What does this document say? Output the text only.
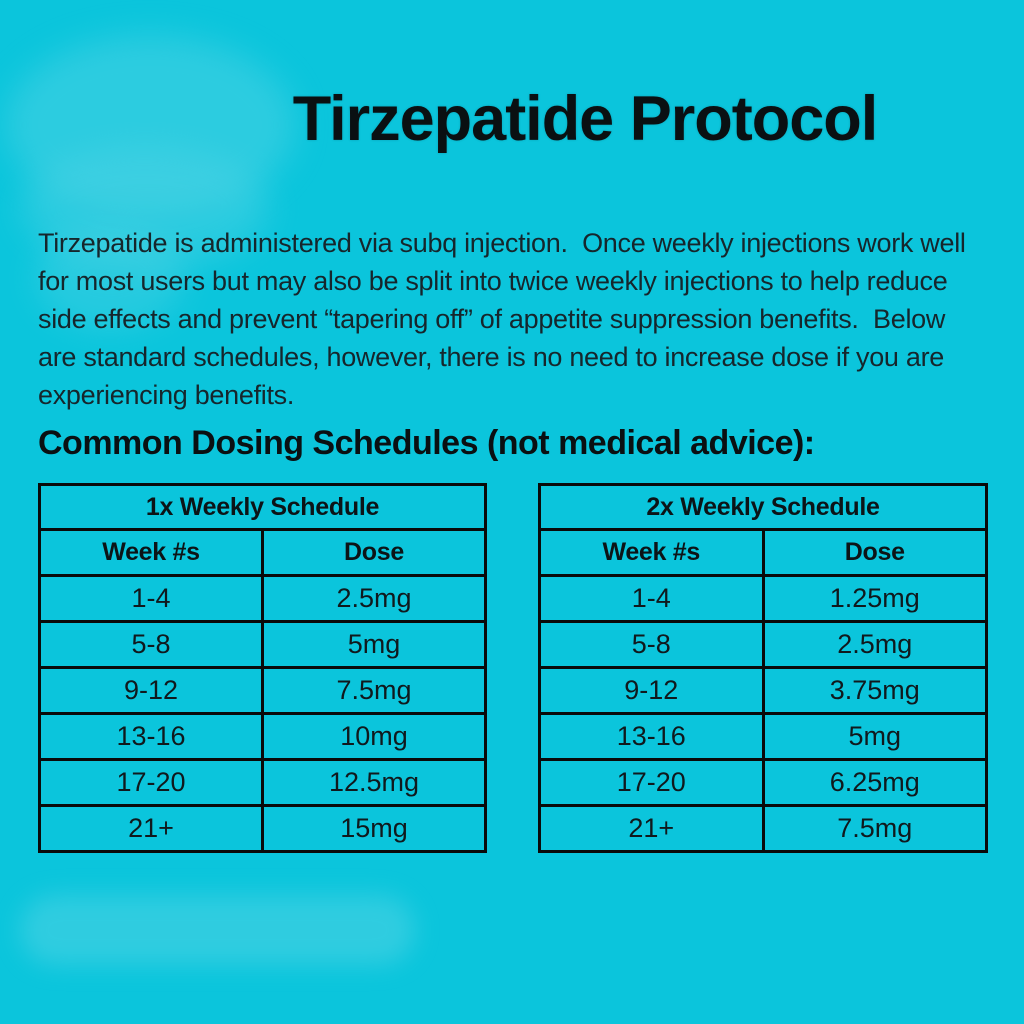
Tirzepatide Protocol

Tirzepatide is administered via subq injection.  Once weekly injections work well for most users but may also be split into twice weekly injections to help reduce side effects and prevent “tapering off” of appetite suppression benefits.  Below are standard schedules, however, there is no need to increase dose if you are experiencing benefits.

Common Dosing Schedules (not medical advice):
1x Weekly Schedule	
Week #s	Dose
1-4	2.5mg
5-8	5mg
9-12	7.5mg
13-16	10mg
17-20	12.5mg
21+	15mg
2x Weekly Schedule	
Week #s	Dose
1-4	1.25mg
5-8	2.5mg
9-12	3.75mg
13-16	5mg
17-20	6.25mg
21+	7.5mg
